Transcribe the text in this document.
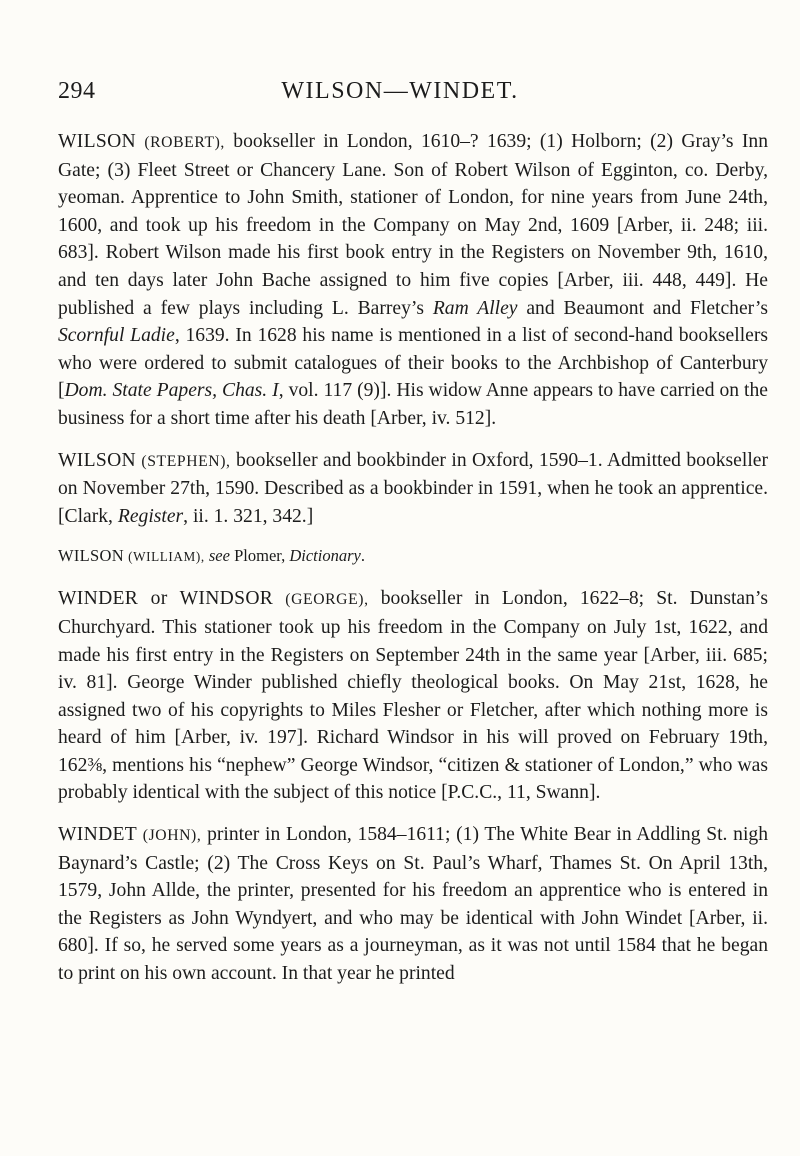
294	WILSON—WINDET.

WILSON (ROBERT), bookseller in London, 1610–? 1639; (1) Holborn; (2) Gray’s Inn Gate; (3) Fleet Street or Chancery Lane. Son of Robert Wilson of Egginton, co. Derby, yeoman. Apprentice to John Smith, stationer of London, for nine years from June 24th, 1600, and took up his freedom in the Company on May 2nd, 1609 [Arber, ii. 248; iii. 683]. Robert Wilson made his first book entry in the Registers on November 9th, 1610, and ten days later John Bache assigned to him five copies [Arber, iii. 448, 449]. He published a few plays including L. Barrey’s Ram Alley and Beaumont and Fletcher’s Scornful Ladie, 1639. In 1628 his name is mentioned in a list of second-hand booksellers who were ordered to submit catalogues of their books to the Archbishop of Canterbury [Dom. State Papers, Chas. I, vol. 117 (9)]. His widow Anne appears to have carried on the business for a short time after his death [Arber, iv. 512].

WILSON (STEPHEN), bookseller and bookbinder in Oxford, 1590–1. Admitted bookseller on November 27th, 1590. Described as a bookbinder in 1591, when he took an apprentice. [Clark, Register, ii. 1. 321, 342.]

WILSON (WILLIAM), see Plomer, Dictionary.

WINDER or WINDSOR (GEORGE), bookseller in London, 1622–8; St. Dunstan’s Churchyard. This stationer took up his freedom in the Company on July 1st, 1622, and made his first entry in the Registers on September 24th in the same year [Arber, iii. 685; iv. 81]. George Winder published chiefly theological books. On May 21st, 1628, he assigned two of his copyrights to Miles Flesher or Fletcher, after which nothing more is heard of him [Arber, iv. 197]. Richard Windsor in his will proved on February 19th, 162⅜, mentions his “nephew” George Windsor, “citizen & stationer of London,” who was probably identical with the subject of this notice [P.C.C., 11, Swann].

WINDET (JOHN), printer in London, 1584–1611; (1) The White Bear in Addling St. nigh Baynard’s Castle; (2) The Cross Keys on St. Paul’s Wharf, Thames St. On April 13th, 1579, John Allde, the printer, presented for his freedom an apprentice who is entered in the Registers as John Wyndyert, and who may be identical with John Windet [Arber, ii. 680]. If so, he served some years as a journeyman, as it was not until 1584 that he began to print on his own account. In that year he printed
